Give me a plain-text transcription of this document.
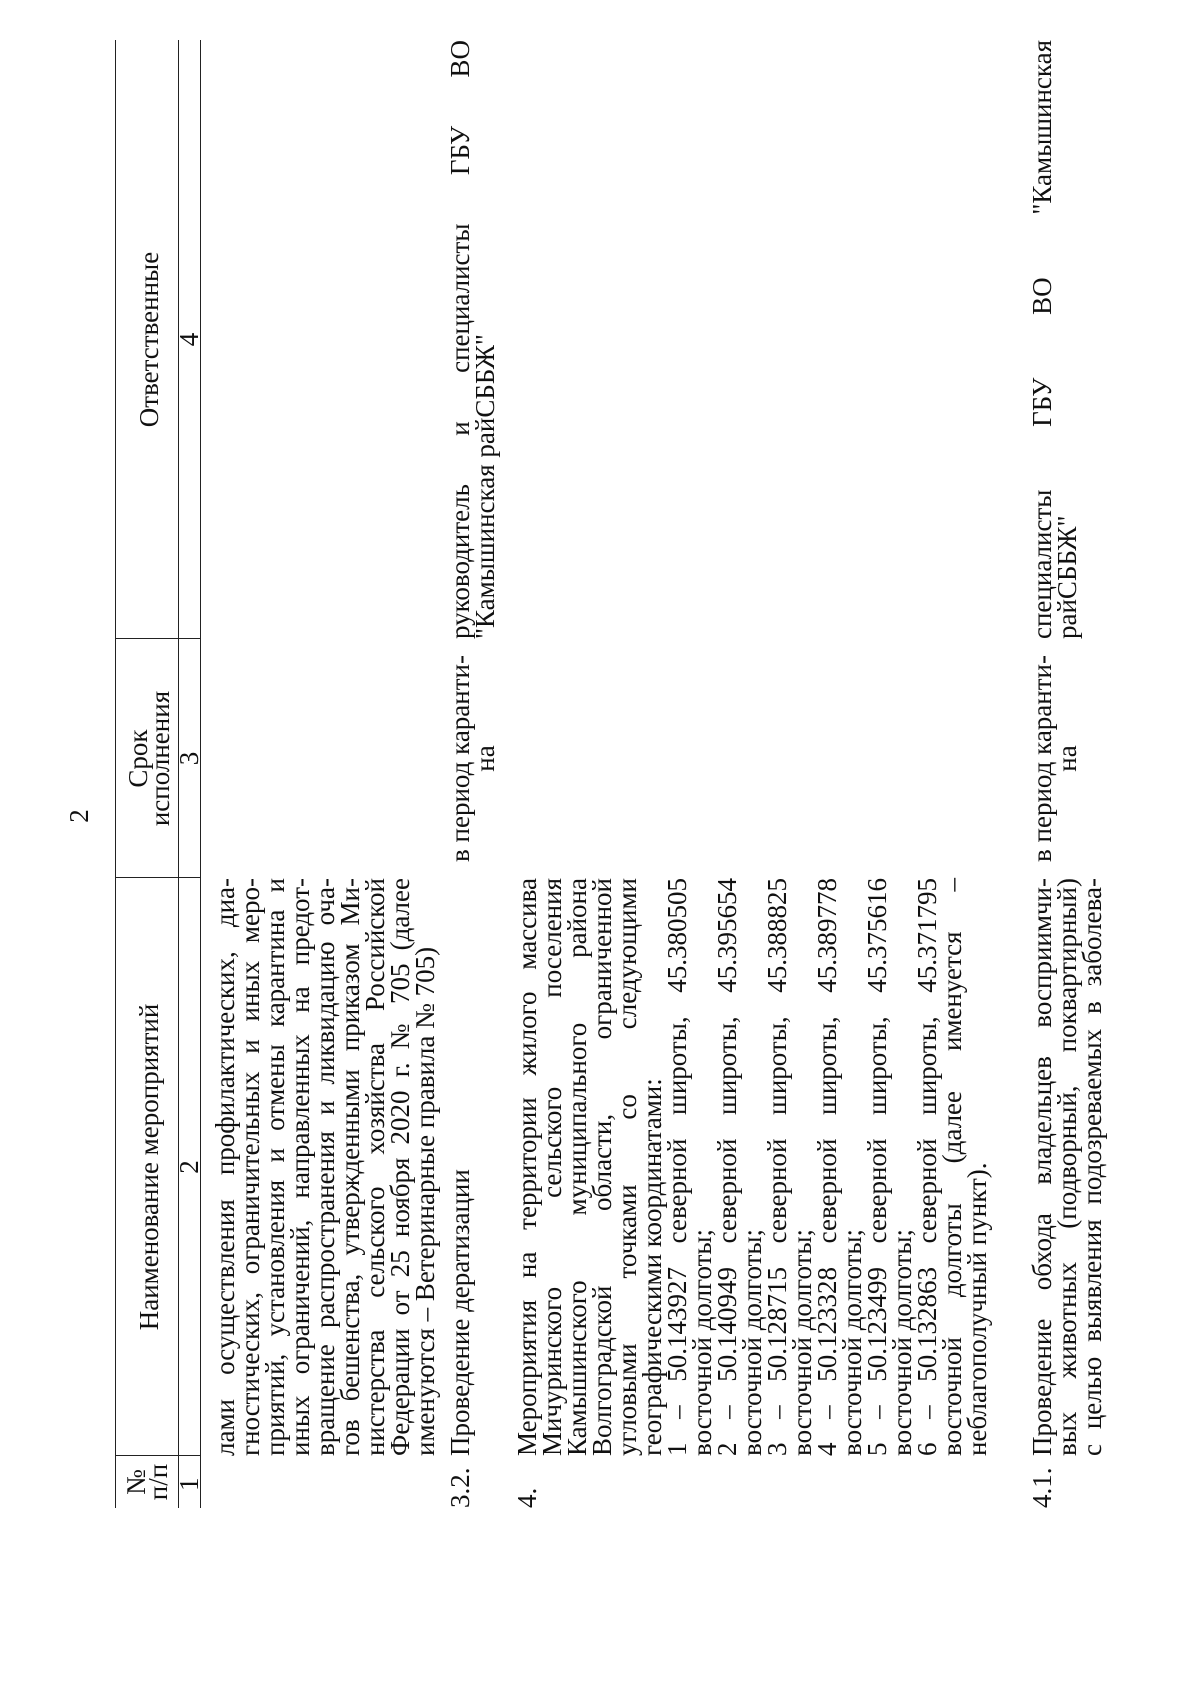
2
№
п/п
Наименование мероприятий
Срок
исполнения
Ответственные
1
2
3
4
лами осуществления профилактических, диа-
гностических, ограничительных и иных меро-
приятий, установления и отмены карантина и
иных ограничений, направленных на предот-
вращение распространения и ликвидацию оча-
гов бешенства, утвержденными приказом Ми-
нистерства сельского хозяйства Российской
Федерации от 25 ноября 2020 г. № 705 (далее
именуются – Ветеринарные правила № 705)
3.2.
Проведение дератизации
в период каранти-
на
руководитель и специалисты ГБУ ВО
"Камышинская райСББЖ"
4.
Мероприятия на территории жилого массива
Мичуринского сельского поселения
Камышинского муниципального района
Волгоградской области, ограниченной
угловыми точками со следующими
географическими координатами:
1 – 50.143927 северной широты, 45.380505
восточной долготы;
2 – 50.140949 северной широты, 45.395654
восточной долготы;
3 – 50.128715 северной широты, 45.388825
восточной долготы;
4 – 50.123328 северной широты, 45.389778
восточной долготы;
5 – 50.123499 северной широты, 45.375616
восточной долготы;
6 – 50.132863 северной широты, 45.371795
восточной долготы (далее именуется –
неблагополучный пункт).
4.1.
Проведение обхода владельцев восприимчи-
вых животных (подворный, поквартирный)
с целью выявления подозреваемых в заболева-
в период каранти-
на
специалисты ГБУ ВО "Камышинская
райСББЖ"
